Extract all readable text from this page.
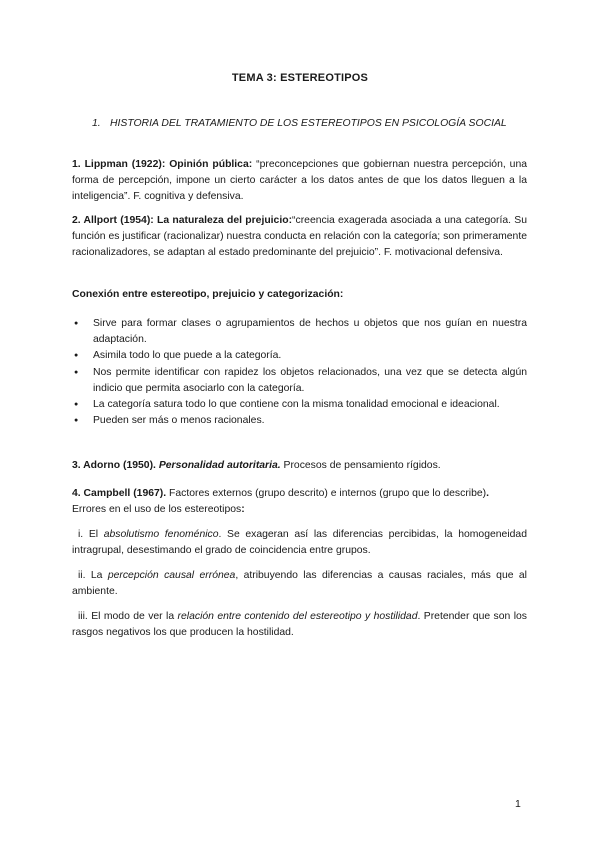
TEMA 3: ESTEREOTIPOS
1. HISTORIA DEL TRATAMIENTO DE LOS ESTEREOTIPOS EN PSICOLOGÍA SOCIAL
1. Lippman (1922): Opinión pública: “preconcepciones que gobiernan nuestra percepción, una forma de percepción, impone un cierto carácter a los datos antes de que los datos lleguen a la inteligencia”. F. cognitiva y defensiva.
2. Allport (1954): La naturaleza del prejuicio:“creencia exagerada asociada a una categoría. Su función es justificar (racionalizar) nuestra conducta en relación con la categoría; son primeramente racionalizadores, se adaptan al estado predominante del prejuicio”. F. motivacional defensiva.
Conexión entre estereotipo, prejuicio y categorización:
● Sirve para formar clases o agrupamientos de hechos u objetos que nos guían en nuestra adaptación.
● Asimila todo lo que puede a la categoría.
● Nos permite identificar con rapidez los objetos relacionados, una vez que se detecta algún indicio que permita asociarlo con la categoría.
● La categoría satura todo lo que contiene con la misma tonalidad emocional e ideacional.
● Pueden ser más o menos racionales.
3. Adorno (1950). Personalidad autoritaria. Procesos de pensamiento rígidos.
4. Campbell (1967). Factores externos (grupo descrito) e internos (grupo que lo describe).
Errores en el uso de los estereotipos:
i. El absolutismo fenoménico. Se exageran así las diferencias percibidas, la homogeneidad intragrupal, desestimando el grado de coincidencia entre grupos.
ii. La percepción causal errónea, atribuyendo las diferencias a causas raciales, más que al ambiente.
iii. El modo de ver la relación entre contenido del estereotipo y hostilidad. Pretender que son los rasgos negativos los que producen la hostilidad.
1
